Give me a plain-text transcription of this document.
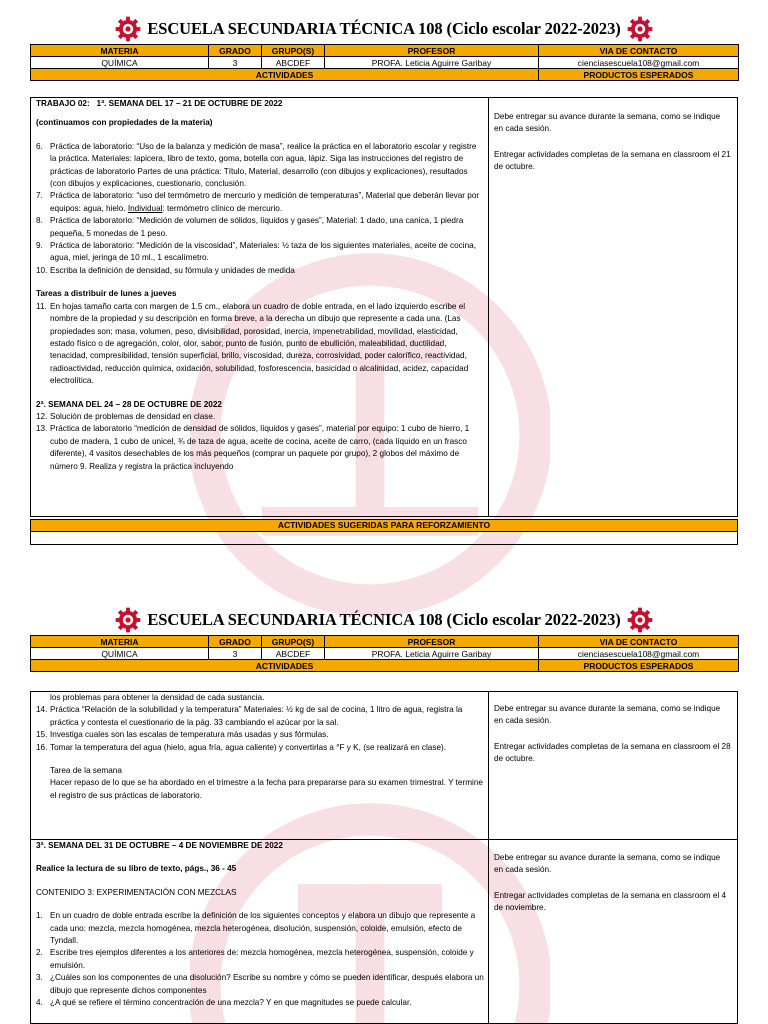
ESCUELA SECUNDARIA TÉCNICA 108 (Ciclo escolar 2022-2023)
MATERIA	GRADO	GRUPO(S)	PROFESOR	VIA DE CONTACTO
QUÍMICA	3	ABCDEF	PROFA. Leticia Aguirre Garibay	cienciasescuela108@gmail.com
ACTIVIDADES				PRODUCTOS ESPERADOS
TRABAJO 02: 1ª. SEMANA DEL 17 – 21 DE OCTUBRE DE 2022
(continuamos con propiedades de la materia)
6. Práctica de laboratorio: “Uso de la balanza y medición de masa”, realice la práctica en el laboratorio escolar y registre la práctica. Materiales: lapicera, libro de texto, goma, botella con agua, lápiz. Siga las instrucciones del registro de prácticas de laboratorio Partes de una práctica: Título, Material, desarrollo (con dibujos y explicaciones), resultados (con dibujos y explicaciones, cuestionario, conclusión.
7. Práctica de laboratorio: “uso del termómetro de mercurio y medición de temperaturas”, Material que deberán llevar por equipos: agua, hielo. Individual: termómetro clínico de mercurio.
8. Práctica de laboratorio: “Medición de volumen de sólidos, líquidos y gases”, Material: 1 dado, una canica, 1 piedra pequeña, 5 monedas de 1 peso.
9. Práctica de laboratorio: “Medición de la viscosidad”, Materiales: ½ taza de los siguientes materiales, aceite de cocina, agua, miel, jeringa de 10 ml., 1 escalímetro.
10. Escriba la definición de densidad, su fórmula y unidades de medida
Tareas a distribuir de lunes a jueves
11. En hojas tamaño carta con margen de 1.5 cm., elabora un cuadro de doble entrada, en el lado izquierdo escribe el nombre de la propiedad y su descripción en forma breve, a la derecha un dibujo que represente a cada una. (Las propiedades son; masa, volumen, peso, divisibilidad, porosidad, inercia, impenetrabilidad, movilidad, elasticidad, estado físico o de agregación, color, olor, sabor, punto de fusión, punto de ebullición, maleabilidad, ductilidad, tenacidad, compresibilidad, tensión superficial, brillo, viscosidad, dureza, corrosividad, poder calorífico, reactividad, radioactividad, reducción química, oxidación, solubilidad, fosforescencia, basicidad o alcalinidad, acidez, capacidad electrolítica.
2ª. SEMANA DEL 24 – 28 DE OCTUBRE DE 2022
12. Solución de problemas de densidad en clase.
13. Práctica de laboratorio “medición de densidad de sólidos, líquidos y gases”, material por equipo: 1 cubo de hierro, 1 cubo de madera, 1 cubo de unicel, ¾ de taza de agua, aceite de cocina, aceite de carro, (cada líquido en un frasco diferente), 4 vasitos desechables de los más pequeños (comprar un paquete por grupo), 2 globos del máximo de número 9. Realiza y registra la práctica incluyendo
Debe entregar su avance durante la semana, como se indique en cada sesión.
Entregar actividades completas de la semana en classroom el 21 de octubre.
ACTIVIDADES SUGERIDAS PARA REFORZAMIENTO
ESCUELA SECUNDARIA TÉCNICA 108 (Ciclo escolar 2022-2023)
MATERIA	GRADO	GRUPO(S)	PROFESOR	VIA DE CONTACTO
QUÍMICA	3	ABCDEF	PROFA. Leticia Aguirre Garibay	cienciasescuela108@gmail.com
ACTIVIDADES				PRODUCTOS ESPERADOS
los problemas para obtener la densidad de cada sustancia.
14. Práctica “Relación de la solubilidad y la temperatura” Materiales: ½ kg de sal de cocina, 1 litro de agua, registra la práctica y contesta el cuestionario de la pág. 33 cambiando el azúcar por la sal.
15. Investiga cuales son las escalas de temperatura más usadas y sus fórmulas.
16. Tomar la temperatura del agua (hielo, agua fría, agua caliente) y convertirlas a °F y K, (se realizará en clase).
Tarea de la semana
Hacer repaso de lo que se ha abordado en el trimestre a la fecha para prepararse para su examen trimestral. Y termine el registro de sus prácticas de laboratorio.
Debe entregar su avance durante la semana, como se indique en cada sesión.
Entregar actividades completas de la semana en classroom el 28 de octubre.
3ª. SEMANA DEL 31 DE OCTUBRE – 4 DE NOVIEMBRE DE 2022
Realice la lectura de su libro de texto, págs., 36 - 45
CONTENIDO 3: EXPERIMENTACIÓN CON MEZCLAS
1. En un cuadro de doble entrada escribe la definición de los siguientes conceptos y elabora un dibujo que represente a cada uno: mezcla, mezcla homogénea, mezcla heterogénea, disolución, suspensión, coloide, emulsión, efecto de Tyndall.
2. Escribe tres ejemplos diferentes a los anteriores de: mezcla homogénea, mezcla heterogénea, suspensión, coloide y emulsión.
3. ¿Cuáles son los componentes de una disolución? Escribe su nombre y cómo se pueden identificar, después elabora un dibujo que represente dichos componentes
4. ¿A qué se refiere el término concentración de una mezcla? Y en que magnitudes se puede calcular.
Debe entregar su avance durante la semana, como se indique en cada sesión.
Entregar actividades completas de la semana en classroom el 4 de noviembre.
